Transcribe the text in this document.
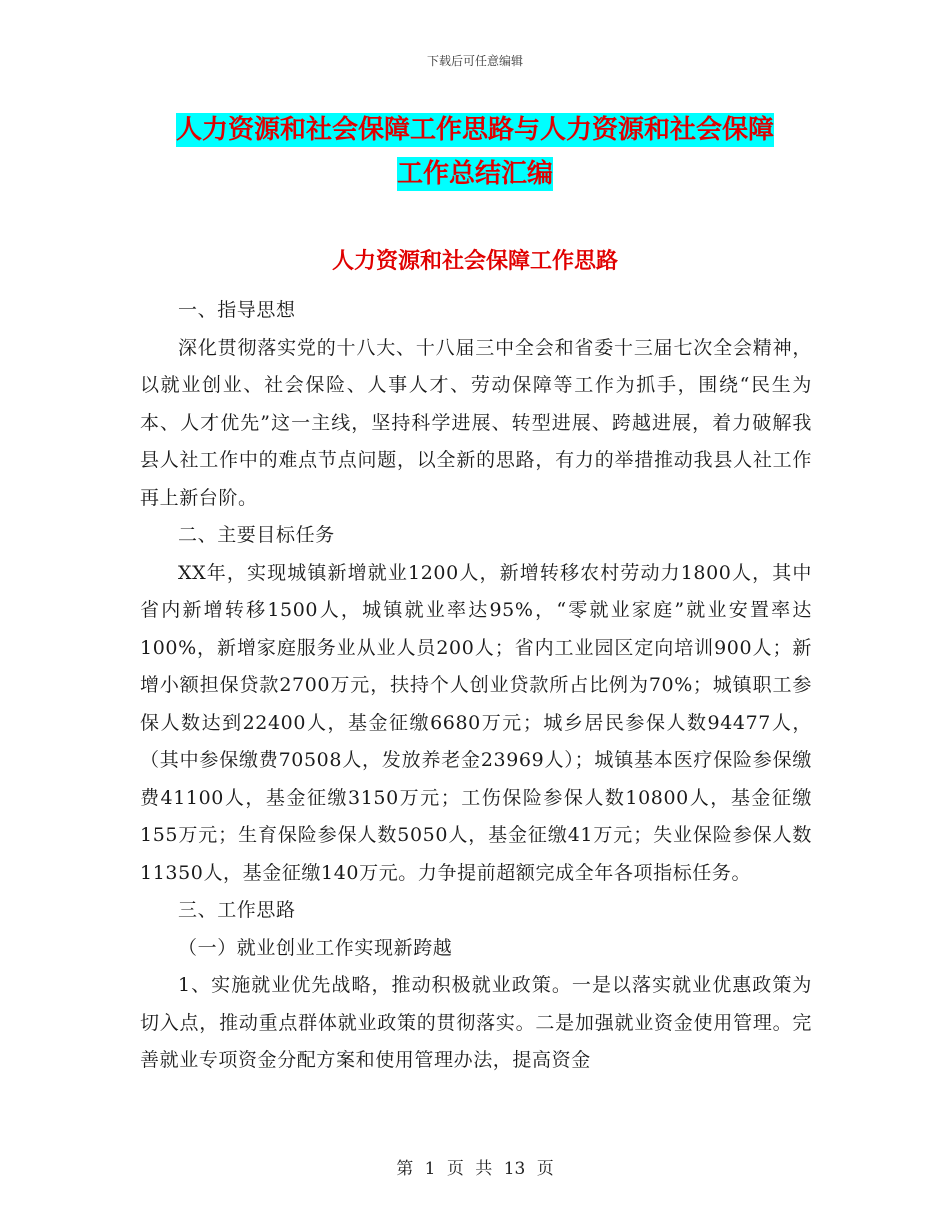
下载后可任意编辑
人力资源和社会保障工作思路与人力资源和社会保障
工作总结汇编
人力资源和社会保障工作思路

一、指导思想

深化贯彻落实党的十八大、十八届三中全会和省委十三届七次全会精神，以就业创业、社会保险、人事人才、劳动保障等工作为抓手，围绕“民生为本、人才优先”这一主线，坚持科学进展、转型进展、跨越进展，着力破解我县人社工作中的难点节点问题，以全新的思路，有力的举措推动我县人社工作再上新台阶。

二、主要目标任务

XX年，实现城镇新增就业1200人，新增转移农村劳动力1800人，其中省内新增转移1500人，城镇就业率达95%，“零就业家庭”就业安置率达100%，新增家庭服务业从业人员200人；省内工业园区定向培训900人；新增小额担保贷款2700万元，扶持个人创业贷款所占比例为70%；城镇职工参保人数达到22400人，基金征缴6680万元；城乡居民参保人数94477人，（其中参保缴费70508人，发放养老金23969人）；城镇基本医疗保险参保缴费41100人，基金征缴3150万元；工伤保险参保人数10800人，基金征缴155万元；生育保险参保人数5050人，基金征缴41万元；失业保险参保人数11350人，基金征缴140万元。力争提前超额完成全年各项指标任务。

三、工作思路

（一）就业创业工作实现新跨越

1、实施就业优先战略，推动积极就业政策。一是以落实就业优惠政策为切入点，推动重点群体就业政策的贯彻落实。二是加强就业资金使用管理。完善就业专项资金分配方案和使用管理办法，提高资金

第 1 页 共 13 页
